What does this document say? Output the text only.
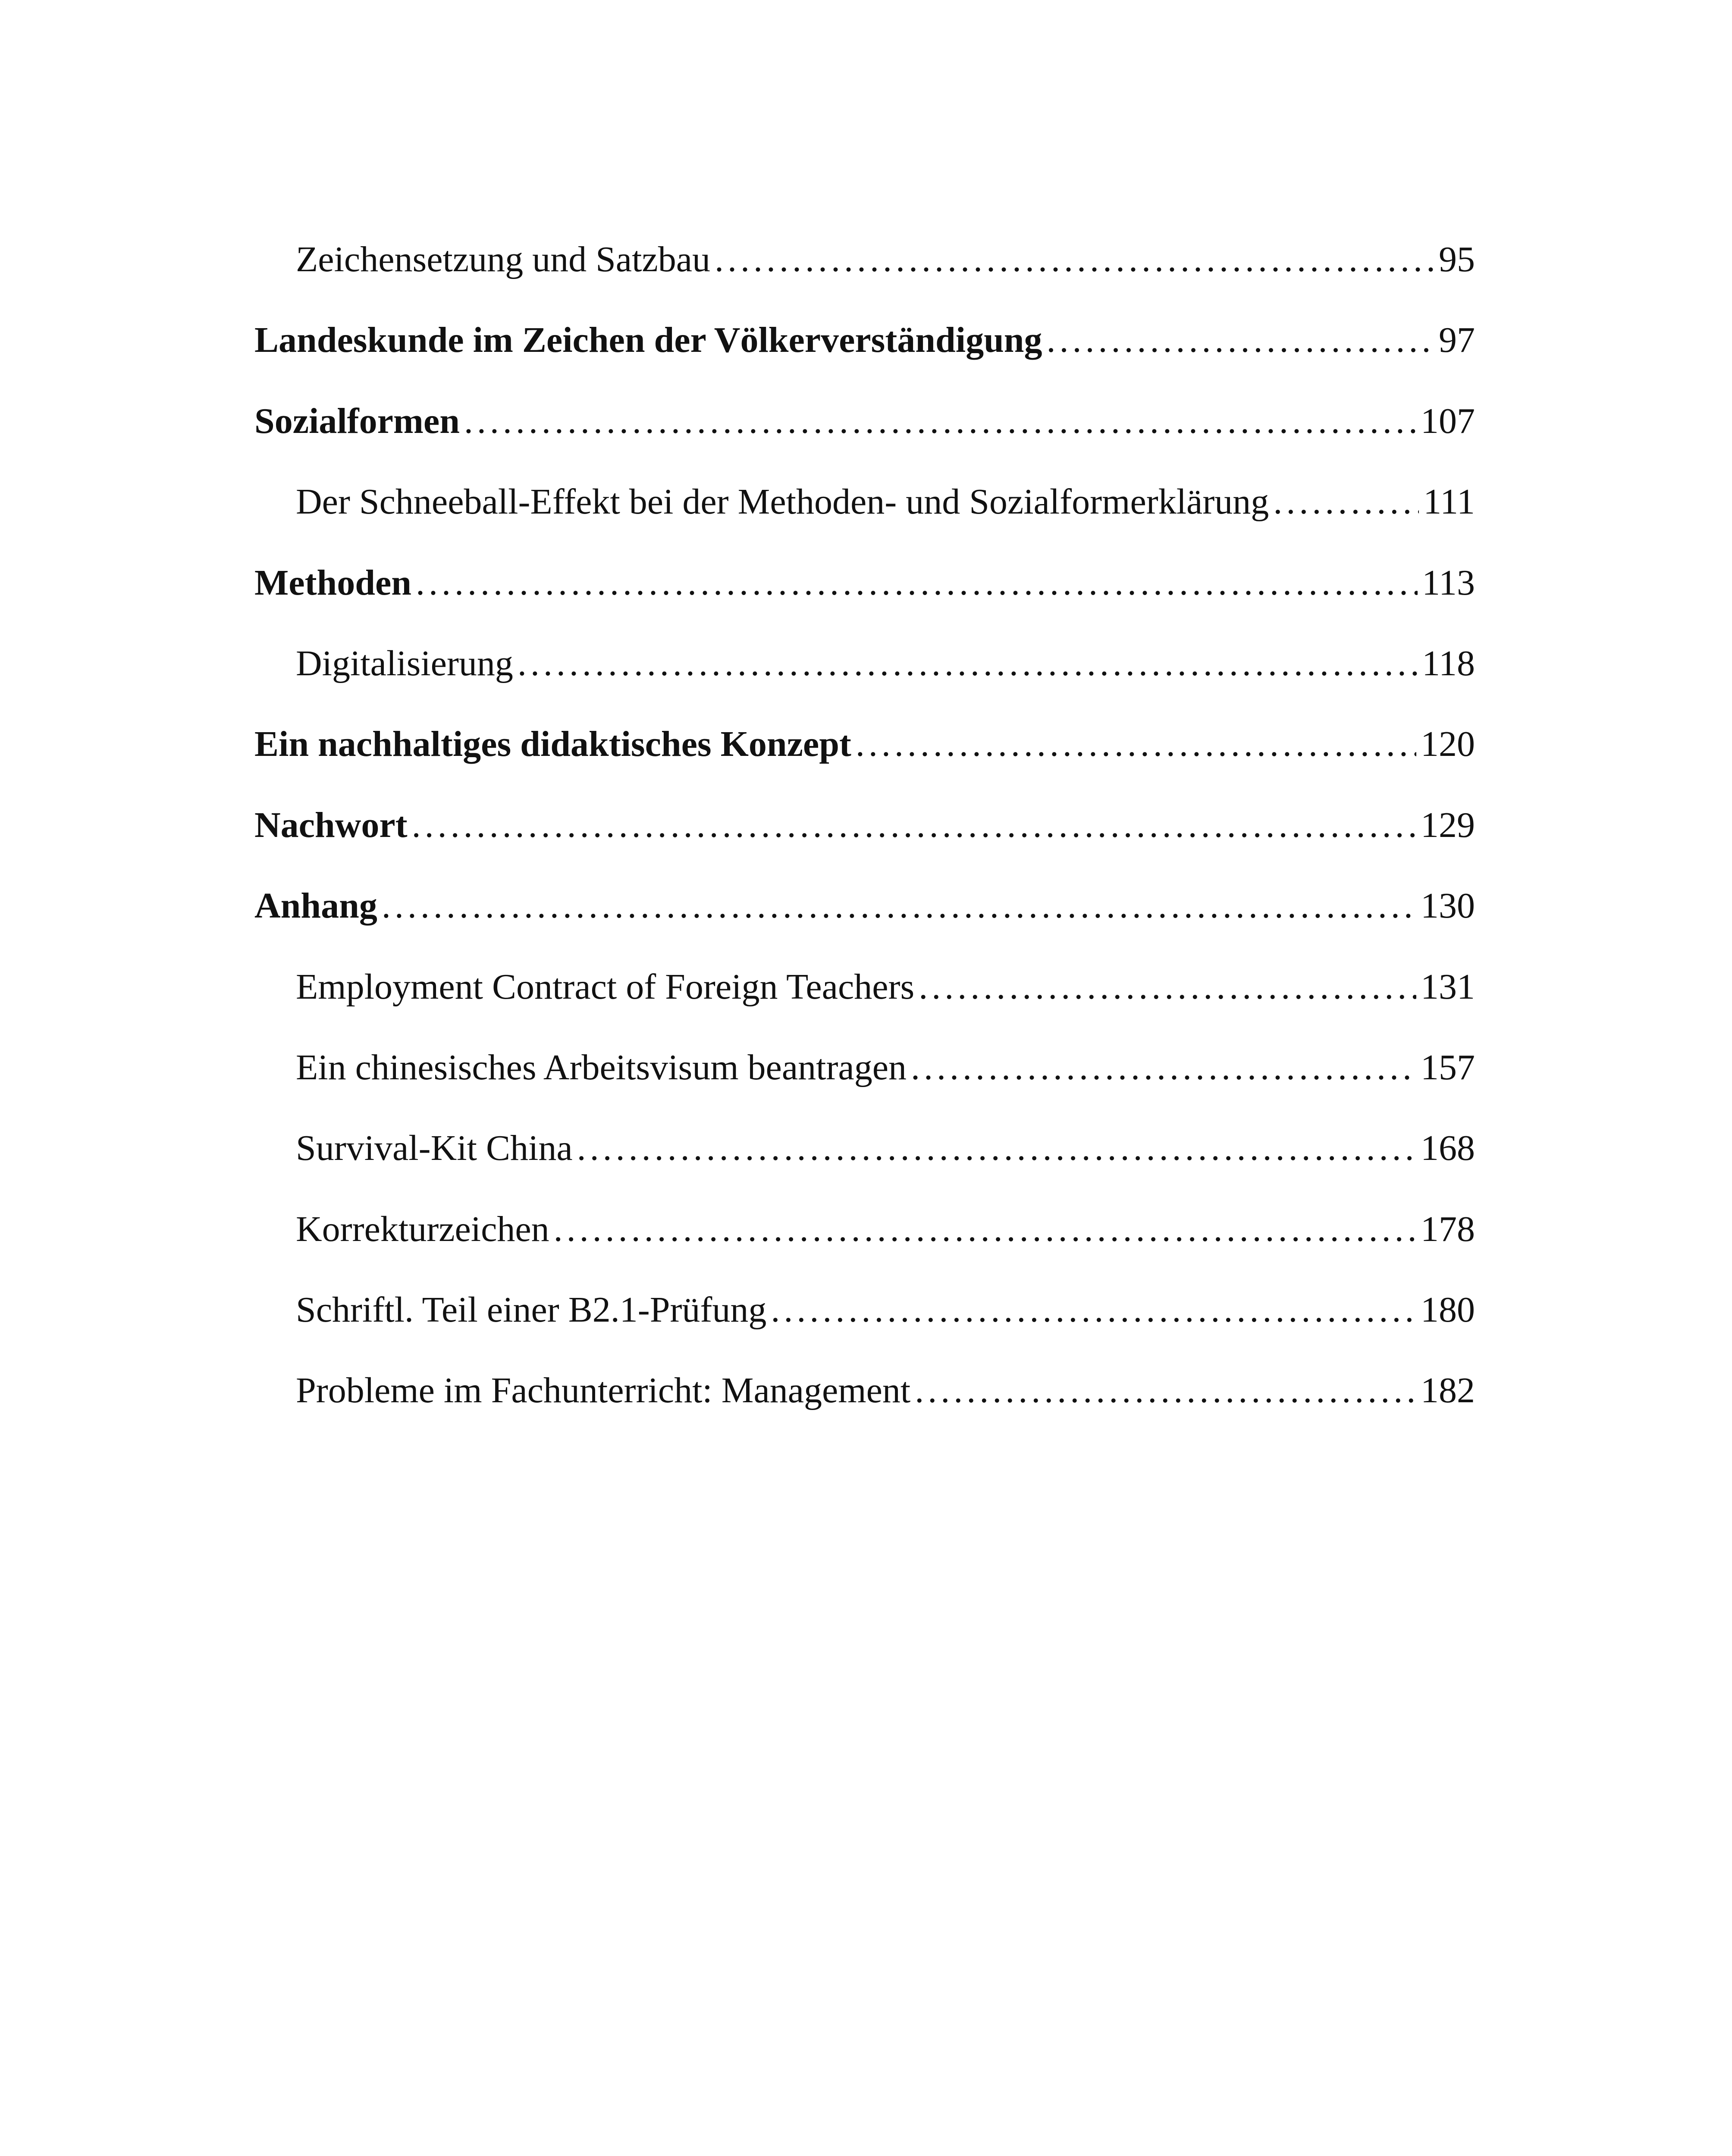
Zeichensetzung und Satzbau . . .	95
Landeskunde im Zeichen der Völkerverständigung . . .	97
Sozialformen . . .	107
Der Schneeball-Effekt bei der Methoden- und Sozialformerklärung . . .	111
Methoden . . .	113
Digitalisierung . . .	118
Ein nachhaltiges didaktisches Konzept . . .	120
Nachwort . . .	129
Anhang . . .	130
Employment Contract of Foreign Teachers . . .	131
Ein chinesisches Arbeitsvisum beantragen . . .	157
Survival-Kit China . . .	168
Korrekturzeichen . . .	178
Schriftl. Teil einer B2.1-Prüfung . . .	180
Probleme im Fachunterricht: Management . . .	182
